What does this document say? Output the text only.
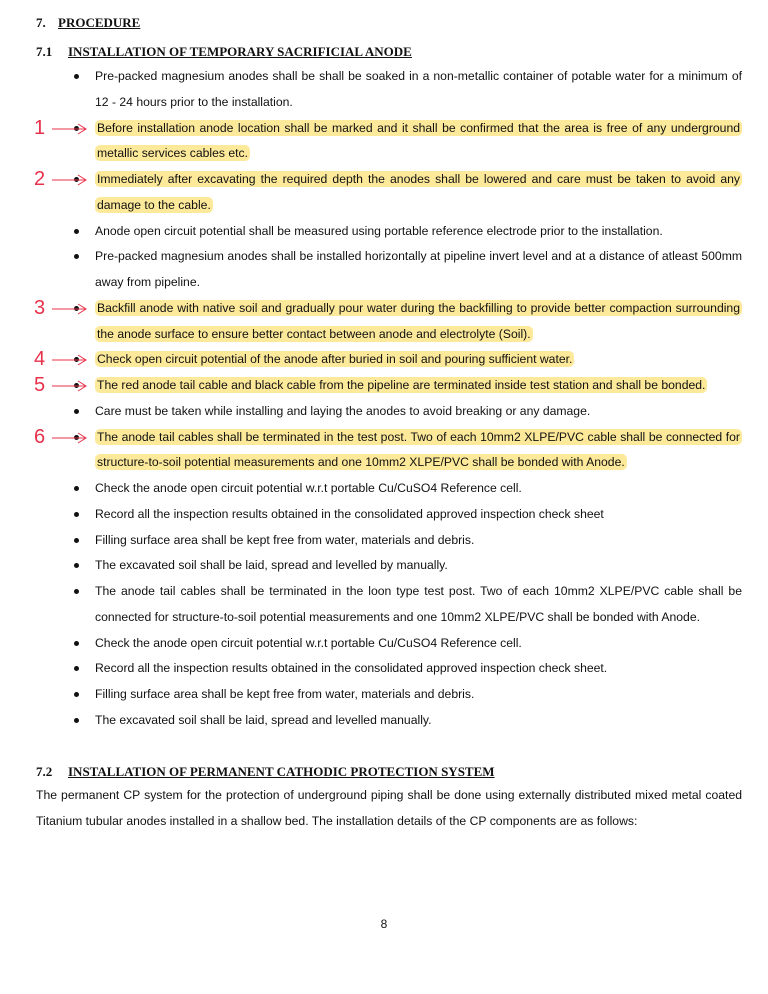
7. PROCEDURE
7.1 INSTALLATION OF TEMPORARY SACRIFICIAL ANODE
Pre-packed magnesium anodes shall be shall be soaked in a non-metallic container of potable water for a minimum of 12 - 24 hours prior to the installation.
Before installation anode location shall be marked and it shall be confirmed that the area is free of any underground metallic services cables etc.
1
Immediately after excavating the required depth the anodes shall be lowered and care must be taken to avoid any damage to the cable.
2
Anode open circuit potential shall be measured using portable reference electrode prior to the installation.
Pre-packed magnesium anodes shall be installed horizontally at pipeline invert level and at a distance of atleast 500mm away from pipeline.
Backfill anode with native soil and gradually pour water during the backfilling to provide better compaction surrounding the anode surface to ensure better contact between anode and electrolyte (Soil).
3
Check open circuit potential of the anode after buried in soil and pouring sufficient water.
4
The red anode tail cable and black cable from the pipeline are terminated inside test station and shall be bonded.
5
Care must be taken while installing and laying the anodes to avoid breaking or any damage.
The anode tail cables shall be terminated in the test post. Two of each 10mm2 XLPE/PVC cable shall be connected for structure-to-soil potential measurements and one 10mm2 XLPE/PVC shall be bonded with Anode.
6
Check the anode open circuit potential w.r.t portable Cu/CuSO4 Reference cell.
Record all the inspection results obtained in the consolidated approved inspection check sheet
Filling surface area shall be kept free from water, materials and debris.
The excavated soil shall be laid, spread and levelled by manually.
The anode tail cables shall be terminated in the loon type test post. Two of each 10mm2 XLPE/PVC cable shall be connected for structure-to-soil potential measurements and one 10mm2 XLPE/PVC shall be bonded with Anode.
Check the anode open circuit potential w.r.t portable Cu/CuSO4 Reference cell.
Record all the inspection results obtained in the consolidated approved inspection check sheet.
Filling surface area shall be kept free from water, materials and debris.
The excavated soil shall be laid, spread and levelled manually.
7.2 INSTALLATION OF PERMANENT CATHODIC PROTECTION SYSTEM
The permanent CP system for the protection of underground piping shall be done using externally distributed mixed metal coated Titanium tubular anodes installed in a shallow bed. The installation details of the CP components are as follows:
8
